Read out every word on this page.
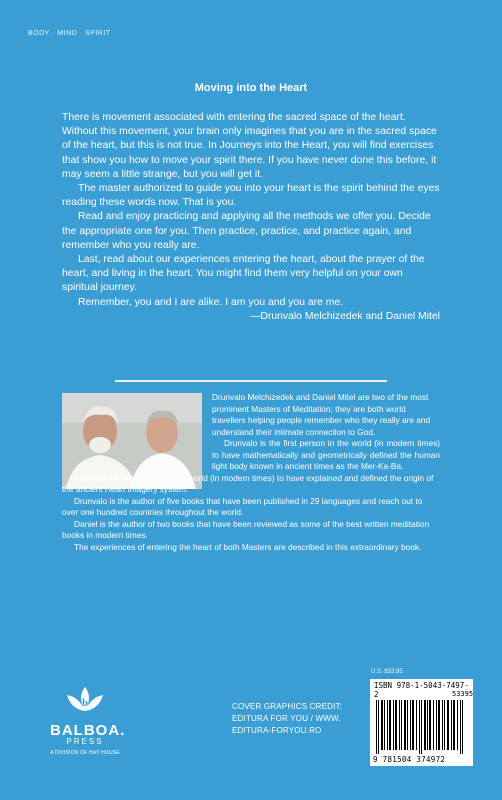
BODY · MIND · SPIRIT
Moving into the Heart

There is movement associated with entering the sacred space of the heart. Without this movement, your brain only imagines that you are in the sacred space of the heart, but this is not true. In Journeys into the Heart, you will find exercises that show you how to move your spirit there. If you have never done this before, it may seem a little strange, but you will get it.

The master authorized to guide you into your heart is the spirit behind the eyes reading these words now. That is you.

Read and enjoy practicing and applying all the methods we offer you. Decide the appropriate one for you. Then practice, practice, and practice again, and remember who you really are.

Last, read about our experiences entering the heart, about the prayer of the heart, and living in the heart. You might find them very helpful on your own spiritual journey.

Remember, you and I are alike. I am you and you are me.

—Drunvalo Melchizedek and Daniel Mitel

Drunvalo Melchizedek and Daniel Mitel are two of the most prominent Masters of Meditation; they are both world travellers helping people remember who they really are and understand their intimate connection to God.

Drunvalo is the first person in the world (in modern times) to have mathematically and geometrically defined the human light body known in ancient times as the Mer-Ka-Ba.

Daniel is the first person in the world (in modern times) to have explained and defined the origin of the ancient Heart Imagery system.

Drunvalo is the author of five books that have been published in 29 languages and reach out to over one hundred countries throughout the world.

Daniel is the author of two books that have been reviewed as some of the best written meditation books in modern times.

The experiences of entering the heart of both Masters are described in this extraordinary book.

b
BALBOA.
PRESS
A DIVISION OF HAY HOUSE
COVER GRAPHICS CREDIT:
EDITURA FOR YOU / WWW.
EDITURA-FORYOU.RO
U.S. $33.95
ISBN 978-1-5043-7497-2	53395
9 781504 374972
